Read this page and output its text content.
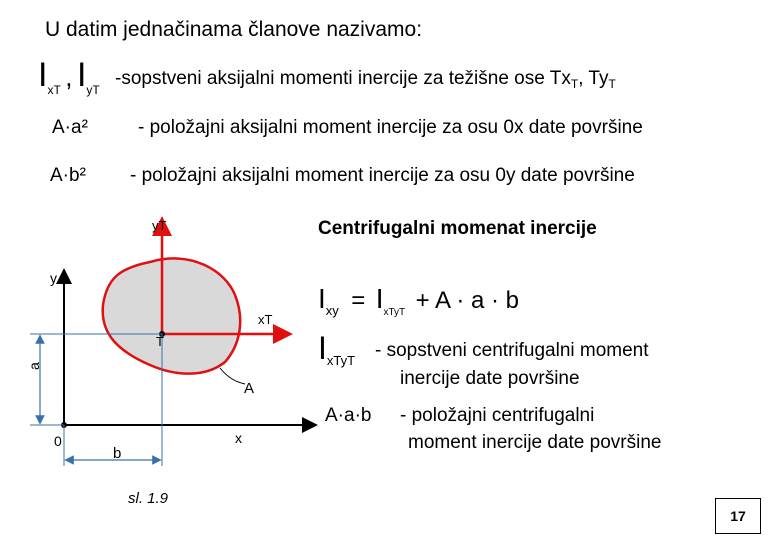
U datim jednačinama članove nazivamo:
$I_{xT}$ , $I_{yT}$
-sopstveni aksijalni momenti inercije za težišne ose $Tx_T$, $Ty_T$
A·a²	- položajni aksijalni moment inercije za osu 0x date površine
A·b² - položajni aksijalni moment inercije za osu 0y date površine
Centrifugalni momenat inercije
$I_{xy} = I_{xTyT} + A \cdot a \cdot b$
$I_{xTyT}$ - sopstveni centrifugalni moment
inercije date površine
A·a·b - položajni centrifugalni
moment inercije date površine
yT
y
xT
T
A
a
0
b
x
sl. 1.9
17
